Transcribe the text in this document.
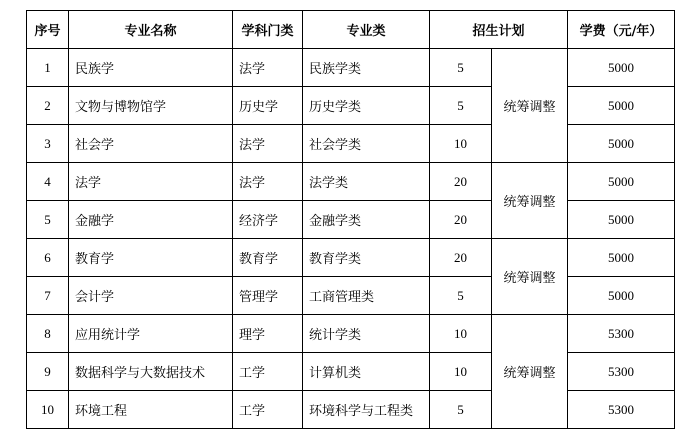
序号	专业名称	学科门类	专业类	招生计划		学费（元/年）
1	民族学	法学	民族学类	5	统筹调整	5000
2	文物与博物馆学	历史学	历史学类	5		5000
3	社会学	法学	社会学类	10		5000
4	法学	法学	法学类	20	统筹调整	5000
5	金融学	经济学	金融学类	20		5000
6	教育学	教育学	教育学类	20	统筹调整	5000
7	会计学	管理学	工商管理类	5		5000
8	应用统计学	理学	统计学类	10	统筹调整	5300
9	数据科学与大数据技术	工学	计算机类	10		5300
10	环境工程	工学	环境科学与工程类	5		5300
